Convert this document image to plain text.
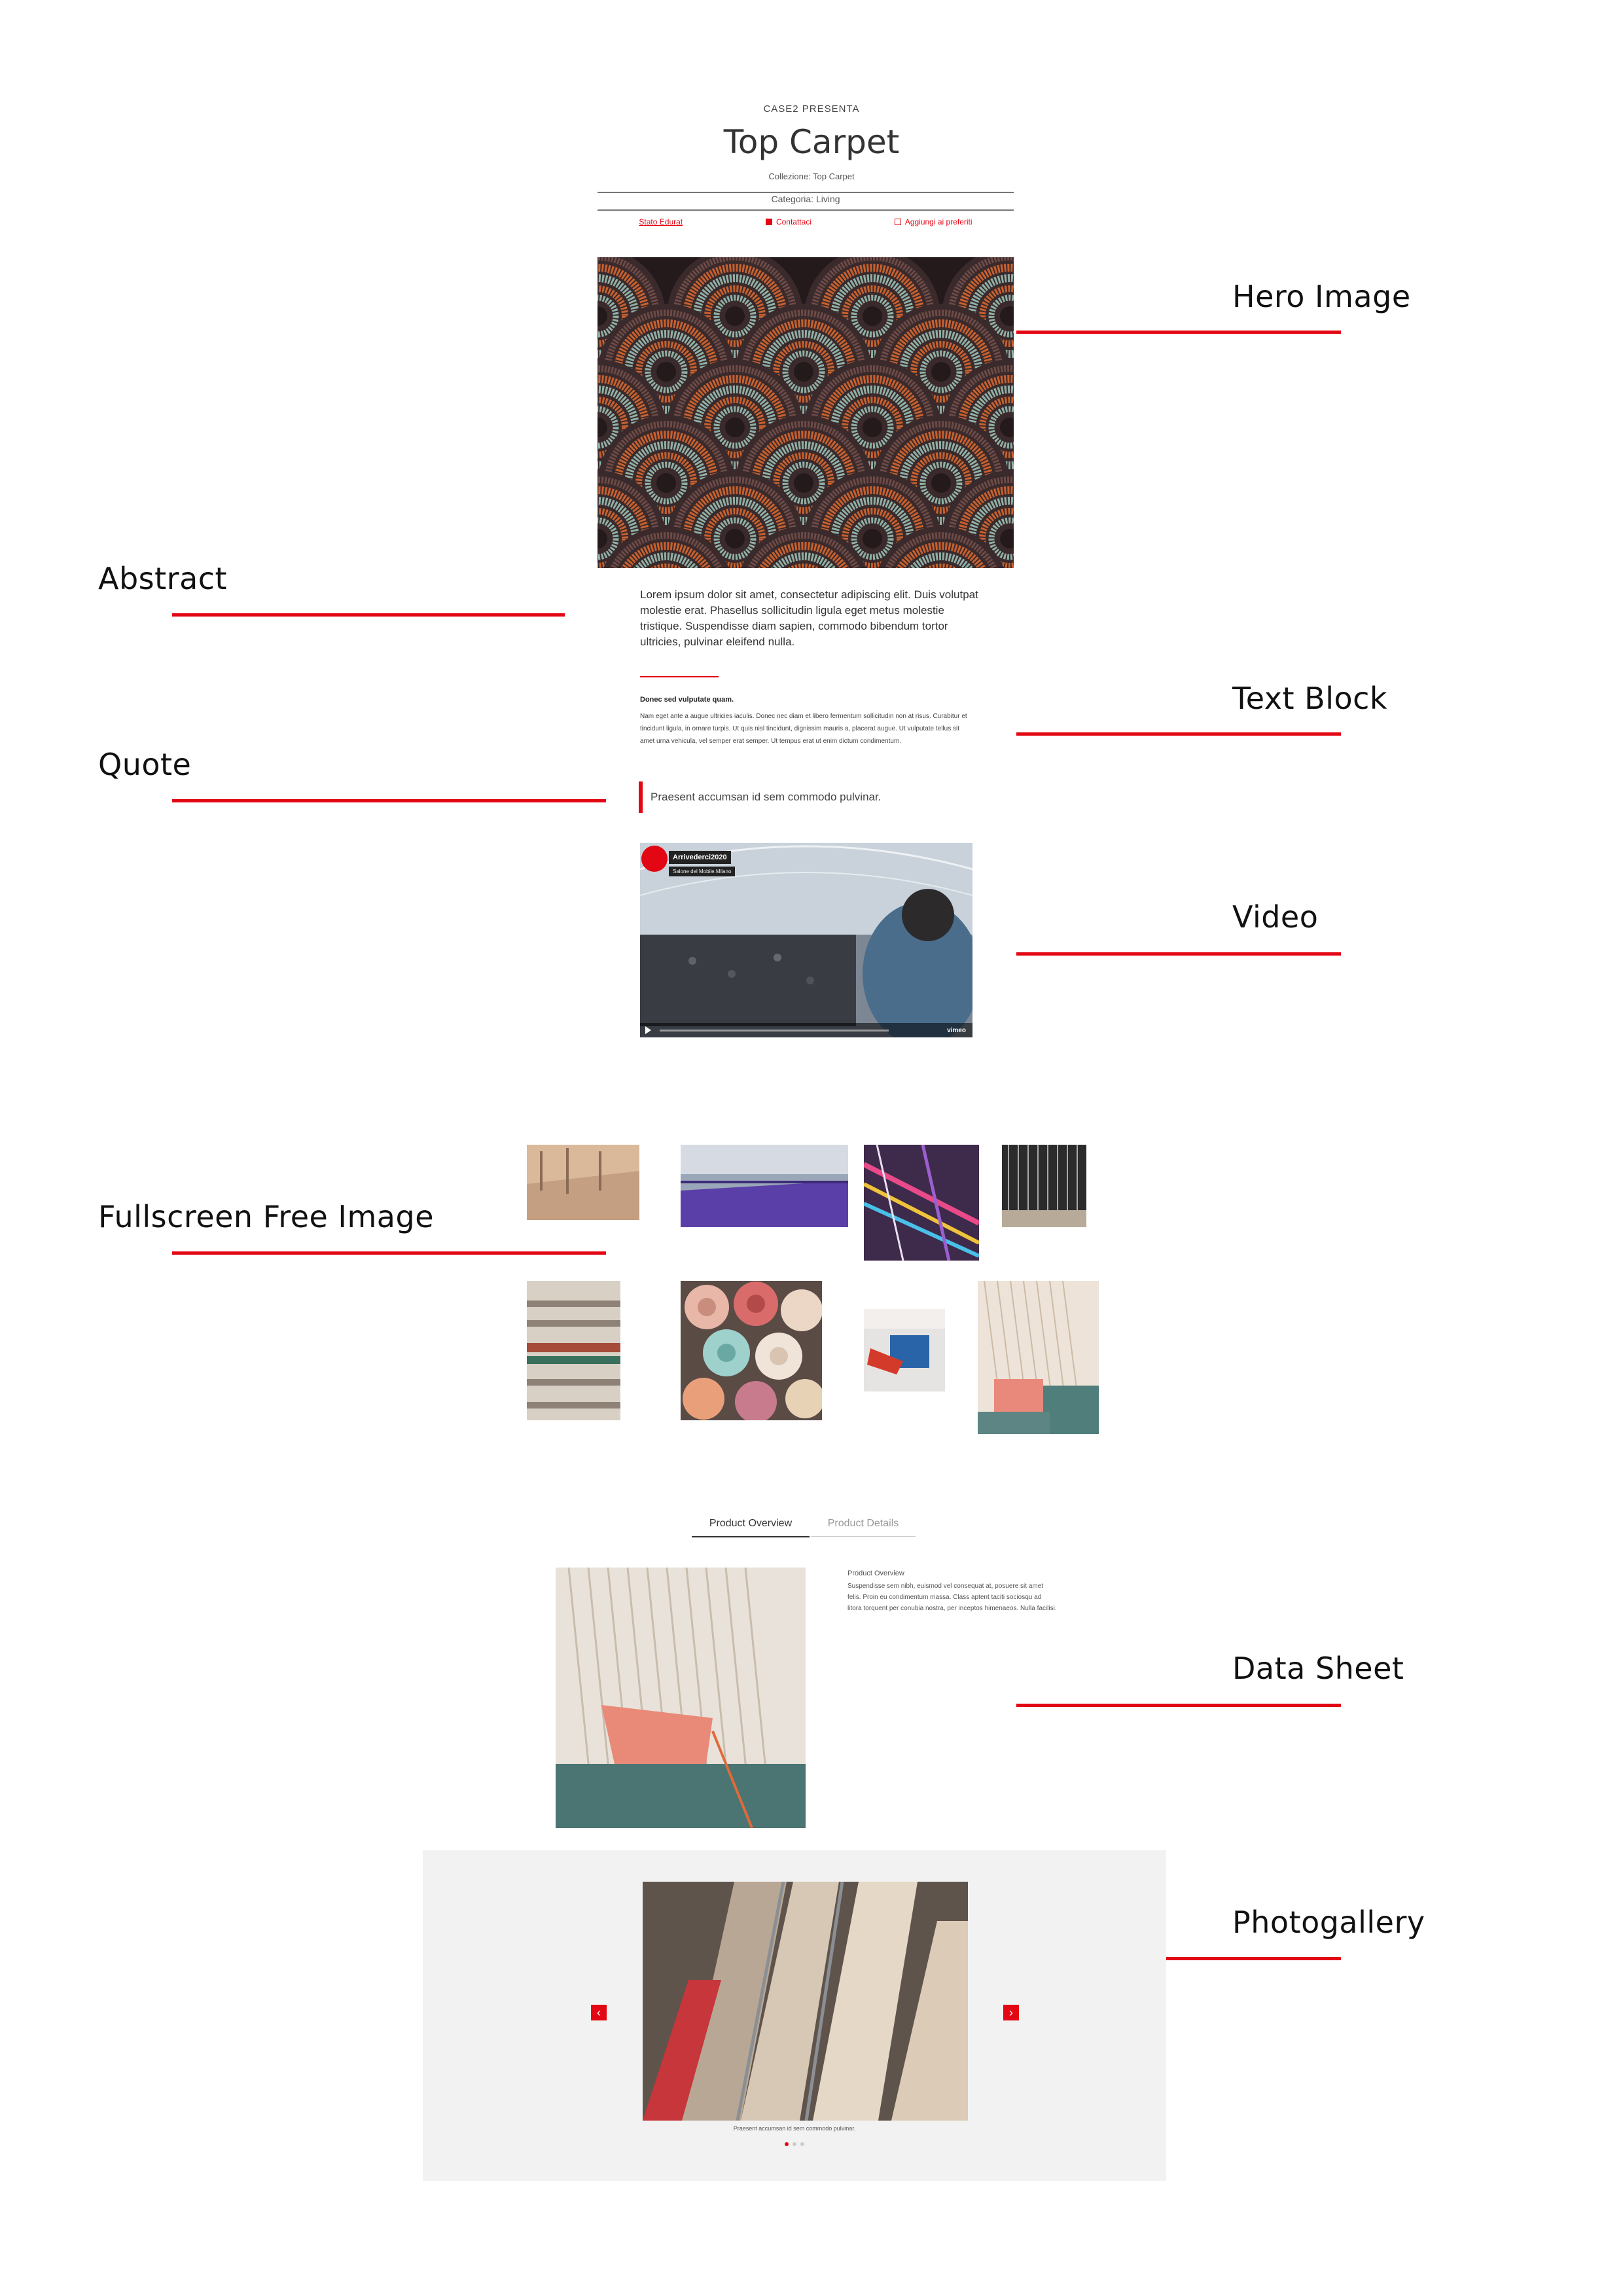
Hero Image
Abstract
Text Block
Quote
Video
Fullscreen Free Image
Data Sheet
Photogallery
CASE2 PRESENTA
Top Carpet
Collezione: Top Carpet
Categoria: Living
Stato Edurat	Contattaci	Aggiungi ai preferiti
Lorem ipsum dolor sit amet, consectetur adipiscing elit. Duis volutpat molestie erat. Phasellus sollicitudin ligula eget metus molestie tristique. Suspendisse diam sapien, commodo bibendum tortor ultricies, pulvinar eleifend nulla.
Donec sed vulputate quam.
Nam eget ante a augue ultricies iaculis. Donec nec diam et libero fermentum sollicitudin non at risus. Curabitur et tincidunt ligula, in ornare turpis. Ut quis nisl tincidunt, dignissim mauris a, placerat augue. Ut vulputate tellus sit amet urna vehicula, vel semper erat semper. Ut tempus erat ut enim dictum condimentum.
Praesent accumsan id sem commodo pulvinar.
Arrivederci2020
Salone del Mobile.Milano
vimeo
Product Overview	Product Details
Product Overview
Suspendisse sem nibh, euismod vel consequat at, posuere sit amet felis. Proin eu condimentum massa. Class aptent taciti sociosqu ad litora torquent per conubia nostra, per inceptos himenaeos. Nulla facilisi.
‹	›
Praesent accumsan id sem commodo pulvinar.
